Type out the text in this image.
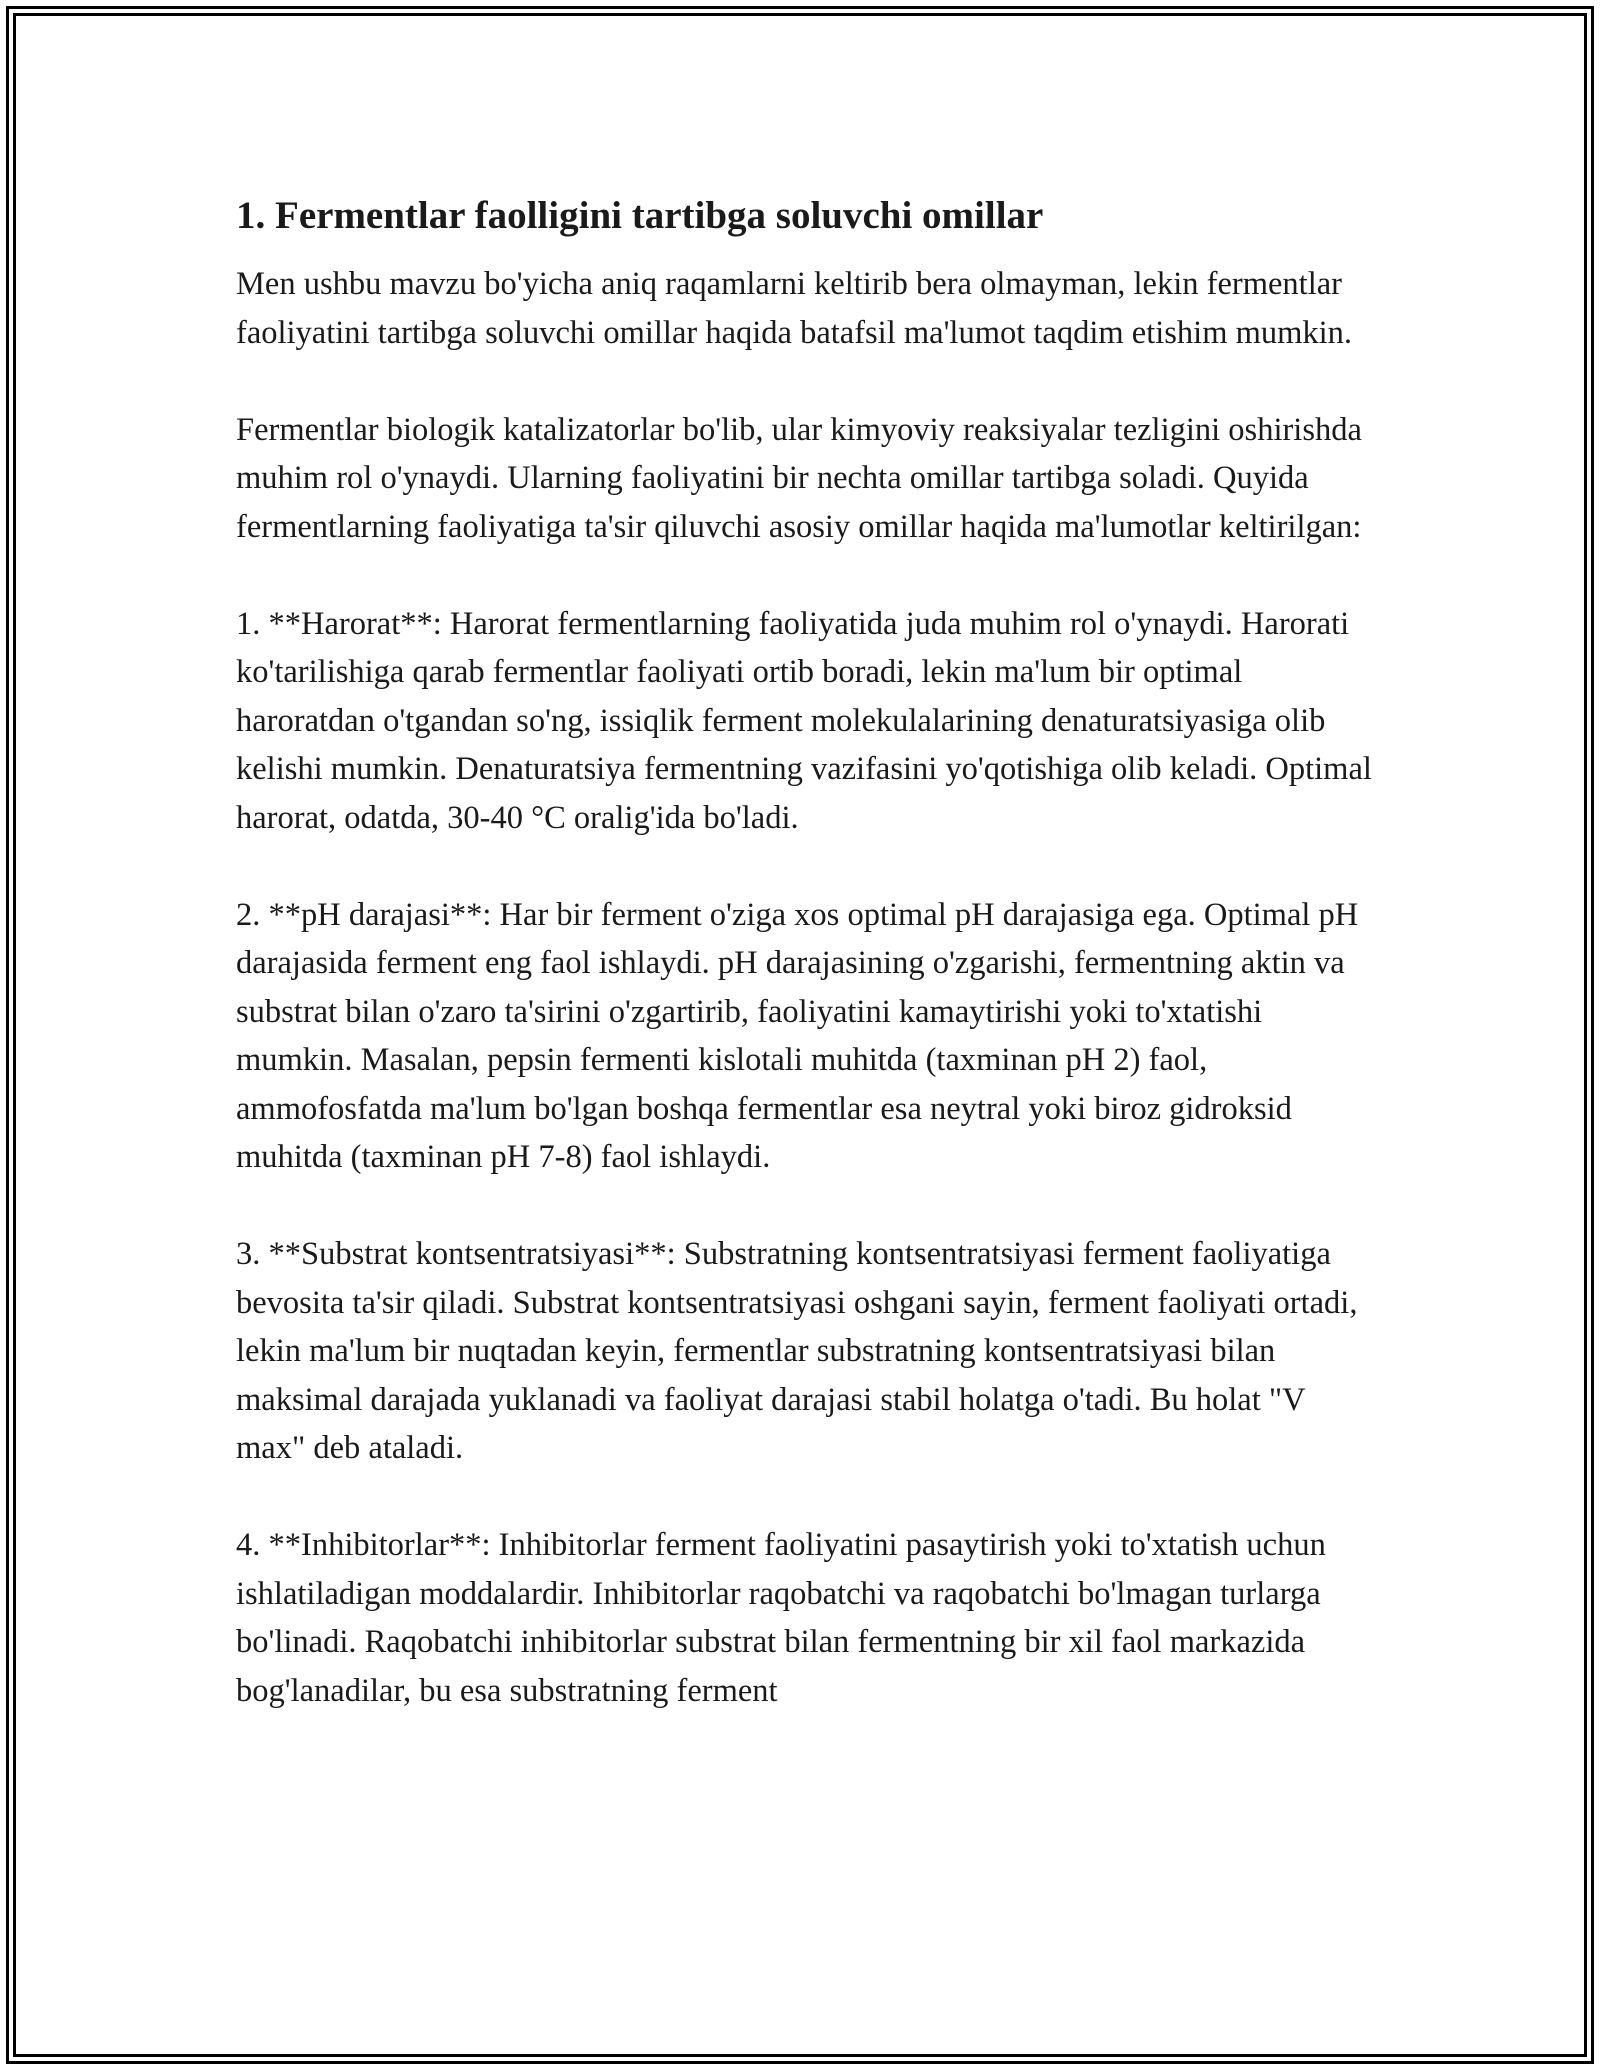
1. Fermentlar faolligini tartibga soluvchi omillar

Men ushbu mavzu bo'yicha aniq raqamlarni keltirib bera olmayman, lekin fermentlar faoliyatini tartibga soluvchi omillar haqida batafsil ma'lumot taqdim etishim mumkin.

Fermentlar biologik katalizatorlar bo'lib, ular kimyoviy reaksiyalar tezligini oshirishda muhim rol o'ynaydi. Ularning faoliyatini bir nechta omillar tartibga soladi. Quyida fermentlarning faoliyatiga ta'sir qiluvchi asosiy omillar haqida ma'lumotlar keltirilgan:

1. **Harorat**: Harorat fermentlarning faoliyatida juda muhim rol o'ynaydi. Harorati ko'tarilishiga qarab fermentlar faoliyati ortib boradi, lekin ma'lum bir optimal haroratdan o'tgandan so'ng, issiqlik ferment molekulalarining denaturatsiyasiga olib kelishi mumkin. Denaturatsiya fermentning vazifasini yo'qotishiga olib keladi. Optimal harorat, odatda, 30-40 °C oralig'ida bo'ladi.

2. **pH darajasi**: Har bir ferment o'ziga xos optimal pH darajasiga ega. Optimal pH darajasida ferment eng faol ishlaydi. pH darajasining o'zgarishi, fermentning aktin va substrat bilan o'zaro ta'sirini o'zgartirib, faoliyatini kamaytirishi yoki to'xtatishi mumkin. Masalan, pepsin fermenti kislotali muhitda (taxminan pH 2) faol, ammofosfatda ma'lum bo'lgan boshqa fermentlar esa neytral yoki biroz gidroksid muhitda (taxminan pH 7-8) faol ishlaydi.

3. **Substrat kontsentratsiyasi**: Substratning kontsentratsiyasi ferment faoliyatiga bevosita ta'sir qiladi. Substrat kontsentratsiyasi oshgani sayin, ferment faoliyati ortadi, lekin ma'lum bir nuqtadan keyin, fermentlar substratning kontsentratsiyasi bilan maksimal darajada yuklanadi va faoliyat darajasi stabil holatga o'tadi. Bu holat "V max" deb ataladi.

4. **Inhibitorlar**: Inhibitorlar ferment faoliyatini pasaytirish yoki to'xtatish uchun ishlatiladigan moddalardir. Inhibitorlar raqobatchi va raqobatchi bo'lmagan turlarga bo'linadi. Raqobatchi inhibitorlar substrat bilan fermentning bir xil faol markazida bog'lanadilar, bu esa substratning ferment
